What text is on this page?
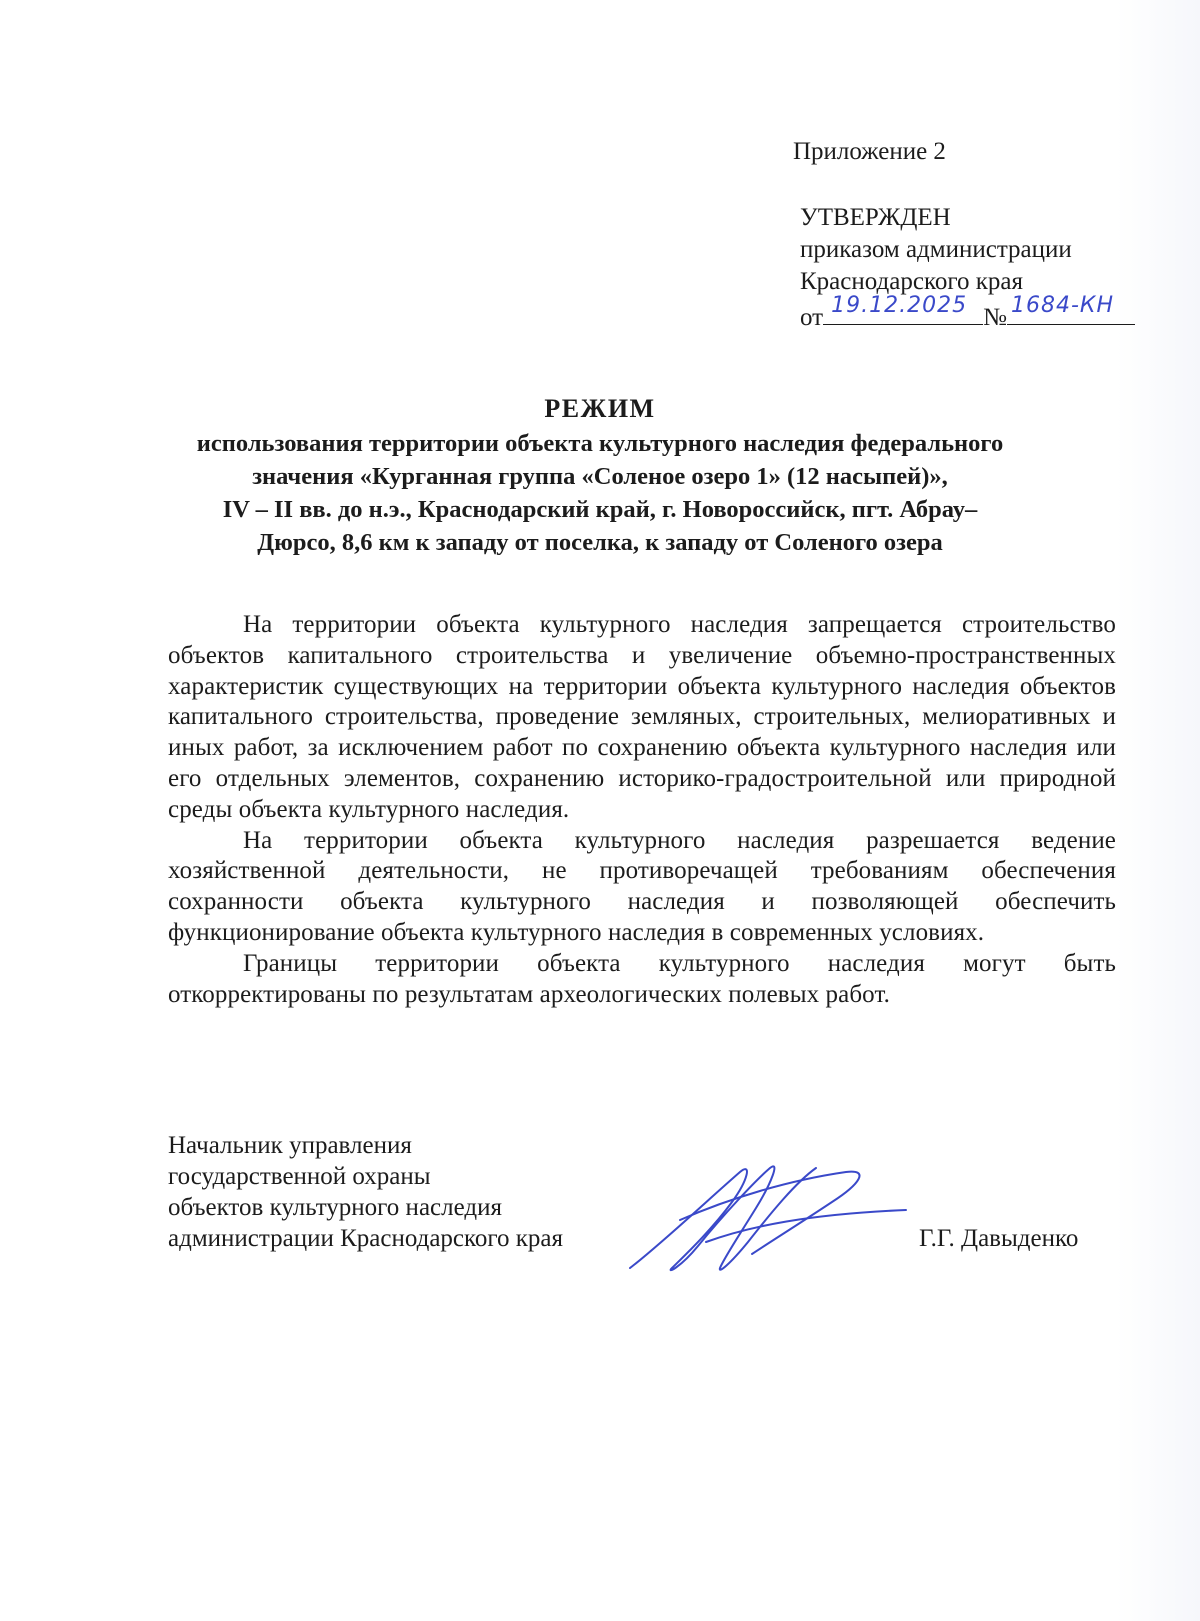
Приложение 2
УТВЕРЖДЕН
приказом администрации
Краснодарского края
от 19.12.2025 № 1684-КН
РЕЖИМ
использования территории объекта культурного наследия федерального
значения «Курганная группа «Соленое озеро 1» (12 насыпей)»,
IV – II вв. до н.э., Краснодарский край, г. Новороссийск, пгт. Абрау–
Дюрсо, 8,6 км к западу от поселка, к западу от Соленого озера

На территории объекта культурного наследия запрещается строительство объектов капитального строительства и увеличение объемно-пространственных характеристик существующих на территории объекта культурного наследия объектов капитального строительства, проведение земляных, строительных, мелиоративных и иных работ, за исключением работ по сохранению объекта культурного наследия или его отдельных элементов, сохранению историко-градостроительной или природной среды объекта культурного наследия.

На территории объекта культурного наследия разрешается ведение хозяйственной деятельности, не противоречащей требованиям обеспечения сохранности объекта культурного наследия и позволяющей обеспечить функционирование объекта культурного наследия в современных условиях.

Границы территории объекта культурного наследия могут быть откорректированы по результатам археологических полевых работ.

Начальник управления
государственной охраны
объектов культурного наследия
администрации Краснодарского края	Г.Г. Давыденко
